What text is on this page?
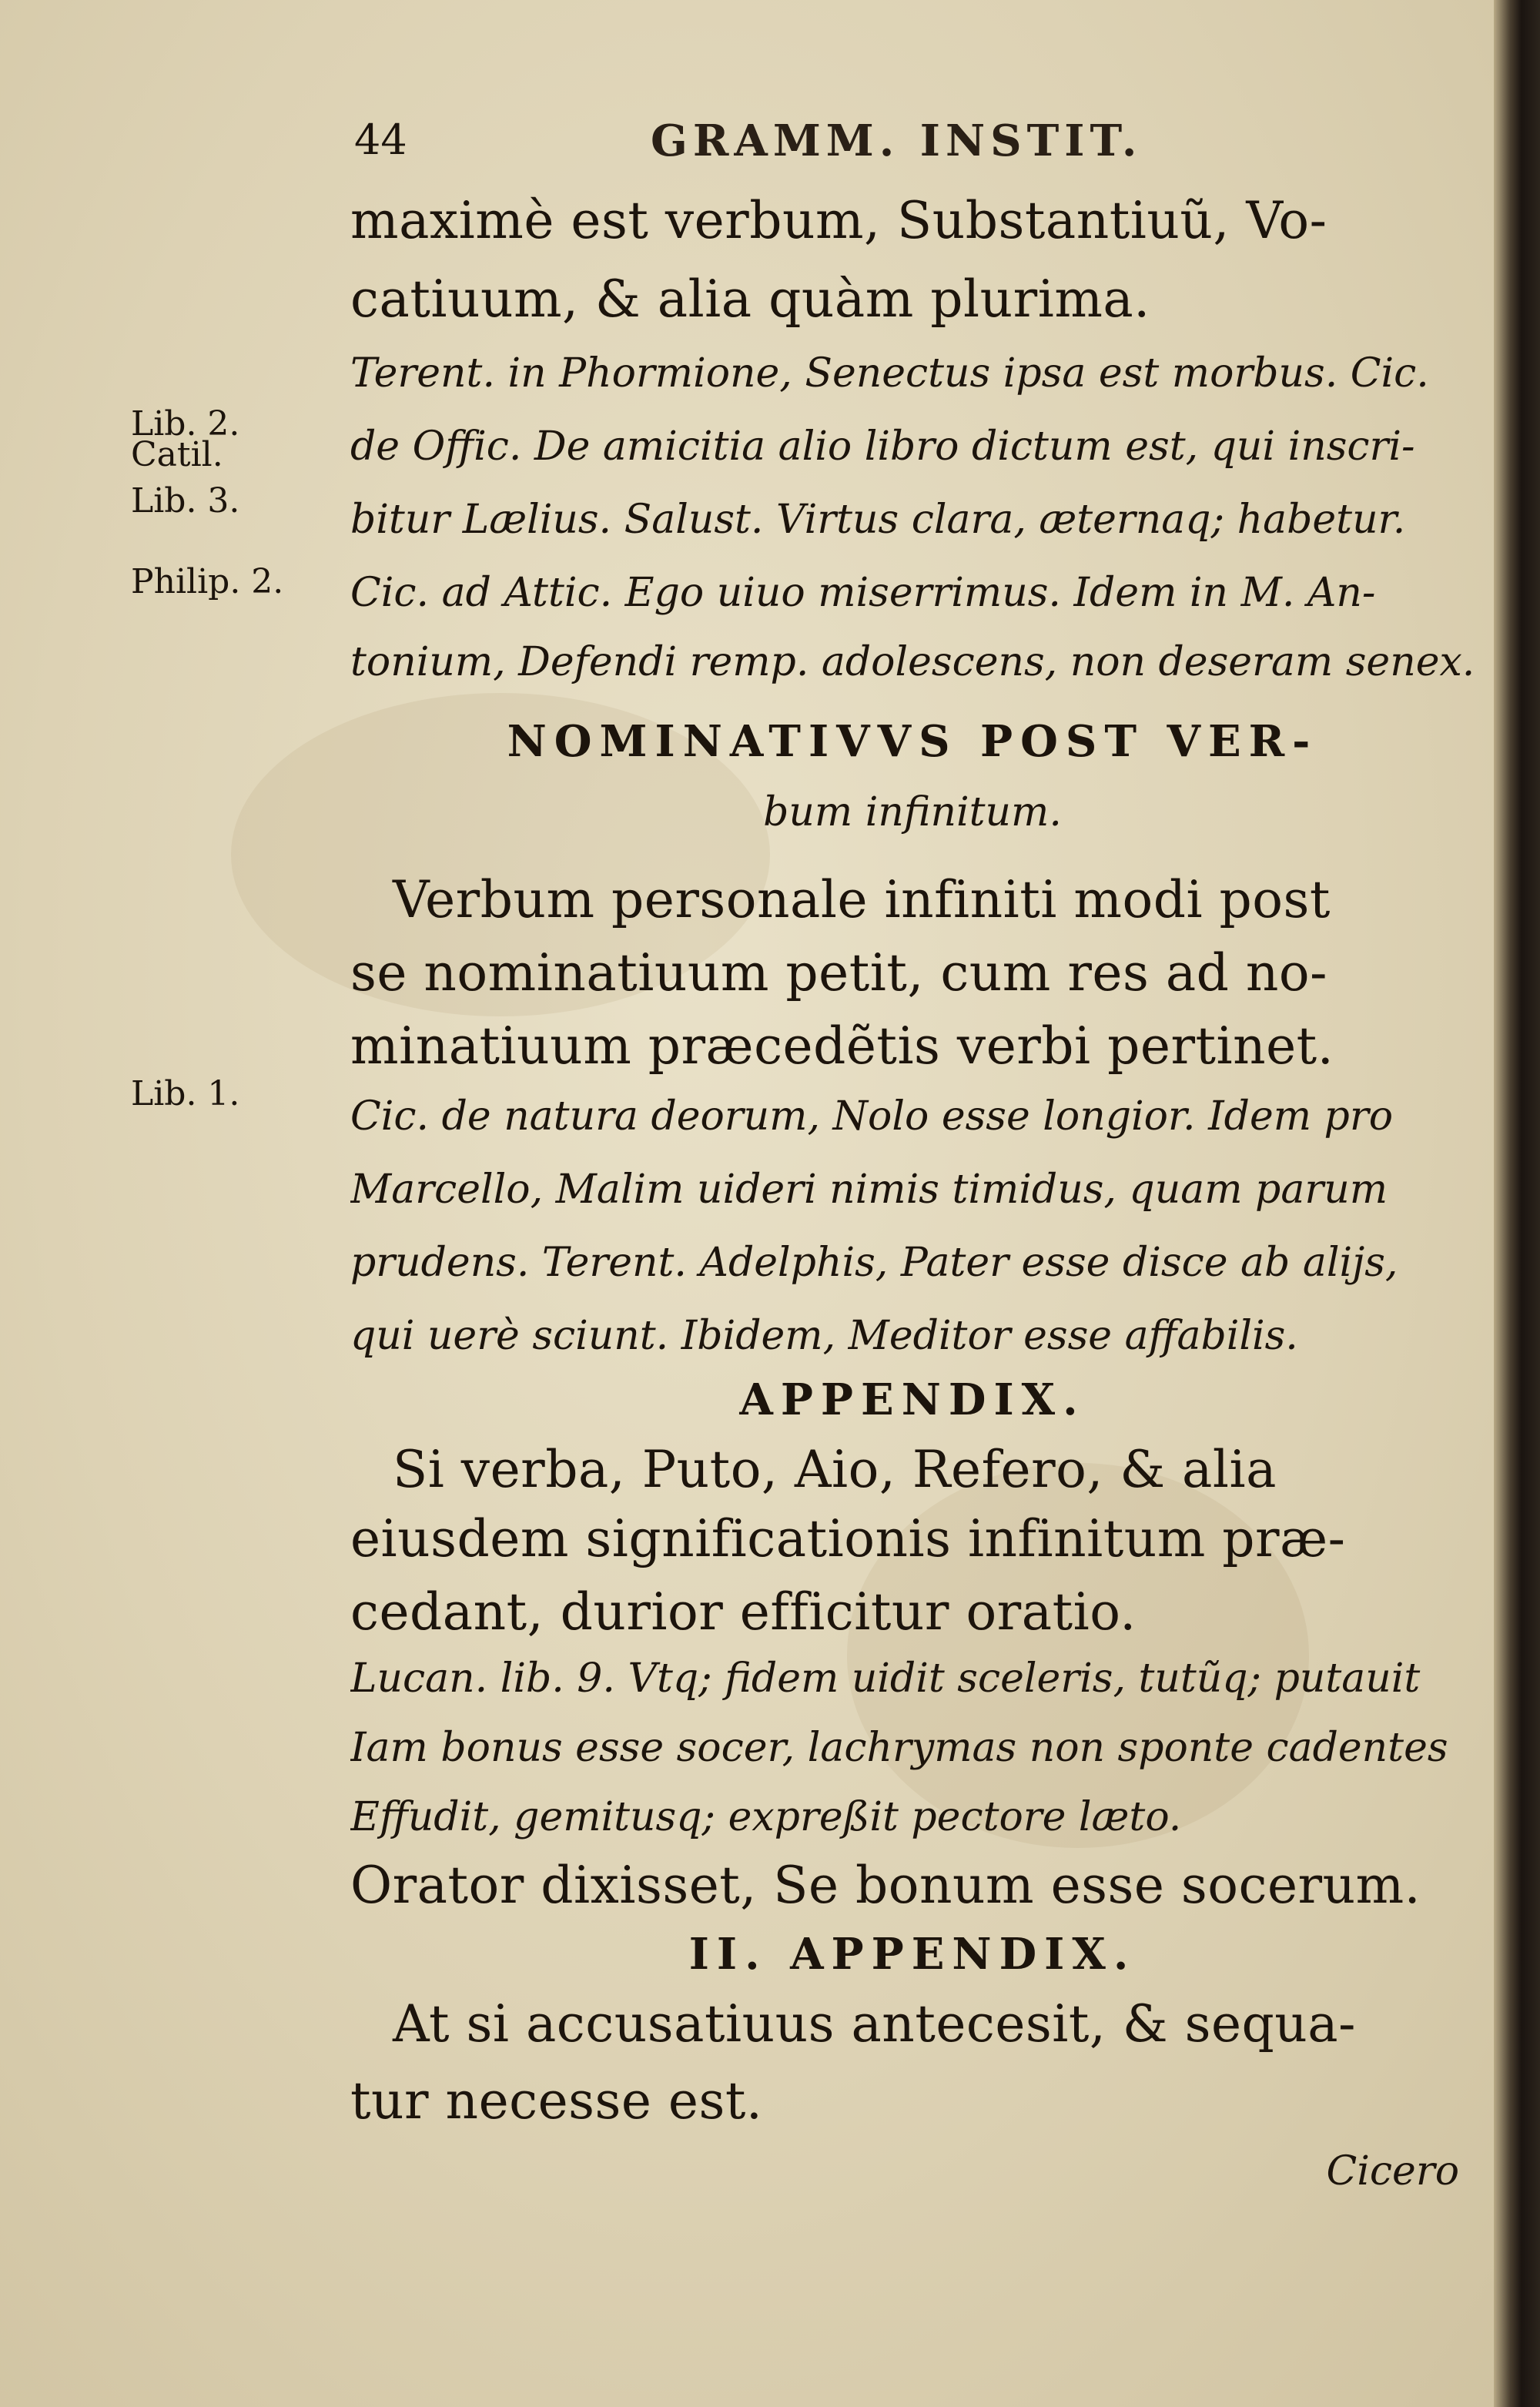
44	GRAMM. INSTIT.
Lib. 2.
Catil.
Lib. 3.
Philip. 2.
Lib. 1.
maximè est verbum, Substantiuũ, Vo-
catiuum, & alia quàm plurima.
Terent. in Phormione, Senectus ipsa est morbus. Cic.
de Offic. De amicitia alio libro dictum est, qui inscri-
bitur Lælius. Salust. Virtus clara, æternaq; habetur.
Cic. ad Attic. Ego uiuo miserrimus. Idem in M. An-
tonium, Defendi remp. adolescens, non deseram senex.
NOMINATIVVS POST VER-
bum infinitum.
Verbum personale infiniti modi post
se nominatiuum petit, cum res ad no-
minatiuum præcedẽtis verbi pertinet.
Cic. de natura deorum, Nolo esse longior. Idem pro
Marcello, Malim uideri nimis timidus, quam parum
prudens. Terent. Adelphis, Pater esse disce ab alijs,
qui uerè sciunt. Ibidem, Meditor esse affabilis.
APPENDIX.
Si verba, Puto, Aio, Refero, & alia
eiusdem significationis infinitum præ-
cedant, durior efficitur oratio.
Lucan. lib. 9. Vtq; fidem uidit sceleris, tutũq; putauit
Iam bonus esse socer, lachrymas non sponte cadentes
Effudit, gemitusq; expreßit pectore læto.
Orator dixisset, Se bonum esse socerum.
II. APPENDIX.
At si accusatiuus antecesit, & sequa-
tur necesse est.
Cicero
